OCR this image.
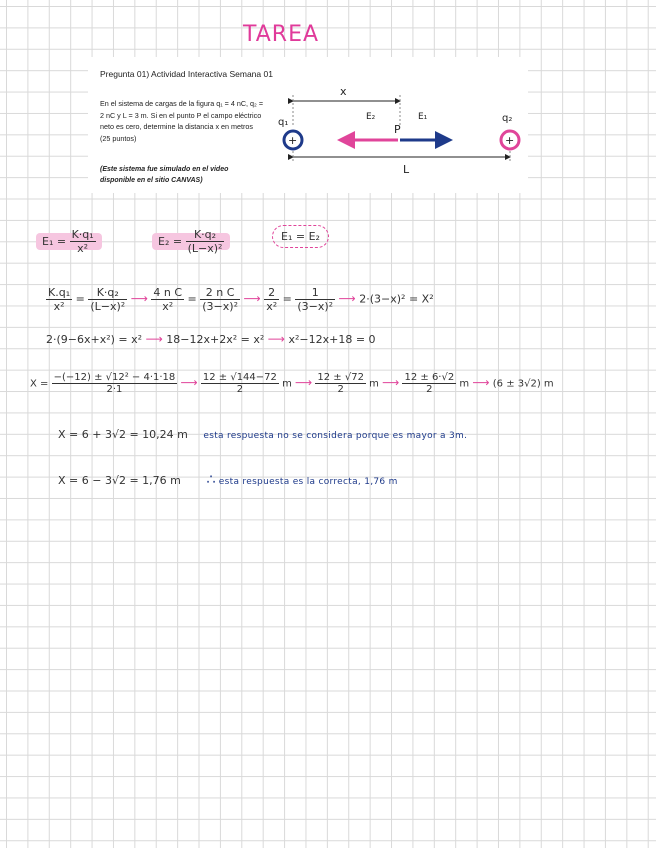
TAREA
Pregunta 01) Actividad Interactiva Semana 01
En el sistema de cargas de la figura q₁ = 4 nC, q₂ = 2 nC y L = 3 m. Si en el punto P el campo eléctrico neto es cero, determine la distancia x en metros (25 puntos)
(Este sistema fue simulado en el video disponible en el sitio CANVAS)
x
L
E₂	E₁
P
+	+
q₁	q₂
$E_1 = \frac{\text{K·q₁}}{\text{x²}}$	$E_2 = \frac{\text{K·q₂}}{\text{(L−x)²}}$	E₁ = E₂
$\frac{\text{K.q₁}}{\text{x²}} = \frac{\text{K·q₂}}{\text{(L−x)²}}$ ⟶ $\frac{\text{4 n C}}{\text{x²}} = \frac{\text{2 n C}}{\text{(3−x)²}}$ ⟶ $\frac{2}{\text{x²}} = \frac{1}{\text{(3−x)²}}$ ⟶ 2·(3−x)² = X²
2·(9−6x+x²) = x² ⟶ 18−12x+2x² = x² ⟶ x²−12x+18 = 0
$X = \frac{\text{−(−12) ± √12² − 4·1·18}}{2\cdot 1}$ ⟶ $\frac{12 \pm √144-72}{2}$ m ⟶ $\frac{12 \pm √72}{2}$ m ⟶ $\frac{12 \pm 6\cdot√2}{2}$ m ⟶ (6 ± 3√2) m
X = 6 + 3√2 = 10,24 m esta respuesta no se considera porque es mayor a 3m.
X = 6 − 3√2 = 1,76 m ∴ esta respuesta es la correcta, 1,76 m
